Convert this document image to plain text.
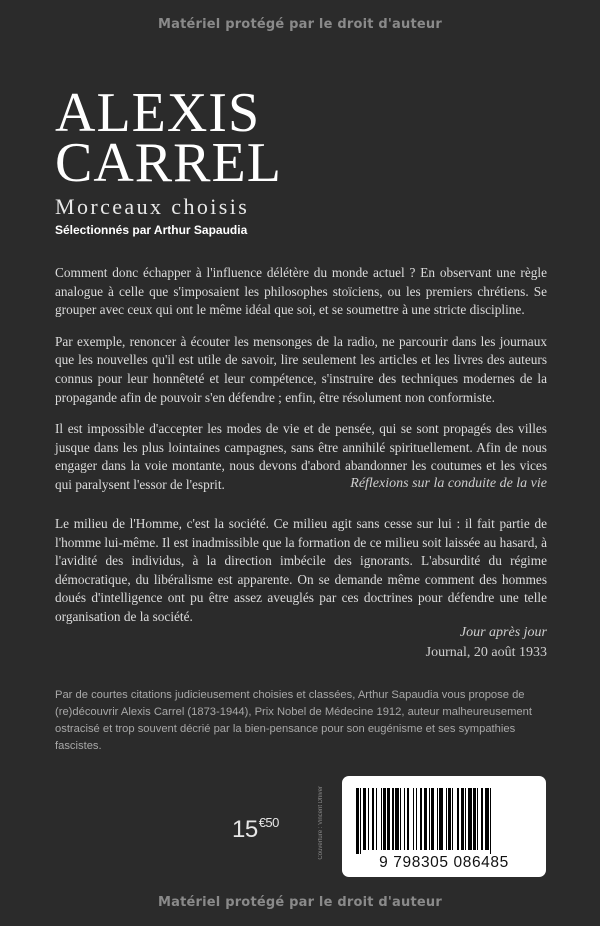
Matériel protégé par le droit d'auteur
ALEXIS
CARREL
Morceaux choisis
Sélectionnés par Arthur Sapaudia

Comment donc échapper à l'influence délétère du monde actuel ? En observant une règle analogue à celle que s'imposaient les philosophes stoïciens, ou les premiers chrétiens. Se grouper avec ceux qui ont le même idéal que soi, et se soumettre à une stricte discipline.

Par exemple, renoncer à écouter les mensonges de la radio, ne parcourir dans les journaux que les nouvelles qu'il est utile de savoir, lire seulement les articles et les livres des auteurs connus pour leur honnêteté et leur compétence, s'instruire des techniques modernes de la propagande afin de pouvoir s'en défendre ; enfin, être résolument non conformiste.

Il est impossible d'accepter les modes de vie et de pensée, qui se sont propagés des villes jusque dans les plus lointaines campagnes, sans être annihilé spirituellement. Afin de nous engager dans la voie montante, nous devons d'abord abandonner les coutumes et les vices qui paralysent l'essor de l'esprit.	Réflexions sur la conduite de la vie

Le milieu de l'Homme, c'est la société. Ce milieu agit sans cesse sur lui : il fait partie de l'homme lui-même. Il est inadmissible que la formation de ce milieu soit laissée au hasard, à l'avidité des individus, à la direction imbécile des ignorants. L'absurdité du régime démocratique, du libéralisme est apparente. On se demande même comment des hommes doués d'intelligence ont pu être assez aveuglés par ces doctrines pour défendre une telle organisation de la société.

Jour après jour
Journal, 20 août 1933
Par de courtes citations judicieusement choisies et classées, Arthur Sapaudia vous propose de (re)découvrir Alexis Carrel (1873-1944), Prix Nobel de Médecine 1912, auteur malheureusement ostracisé et trop souvent décrié par la bien-pensance pour son eugénisme et ses sympathies fascistes.
$15^{€50}$	Couverture : Vincent Dhiver
9 798305 086485
Matériel protégé par le droit d'auteur
